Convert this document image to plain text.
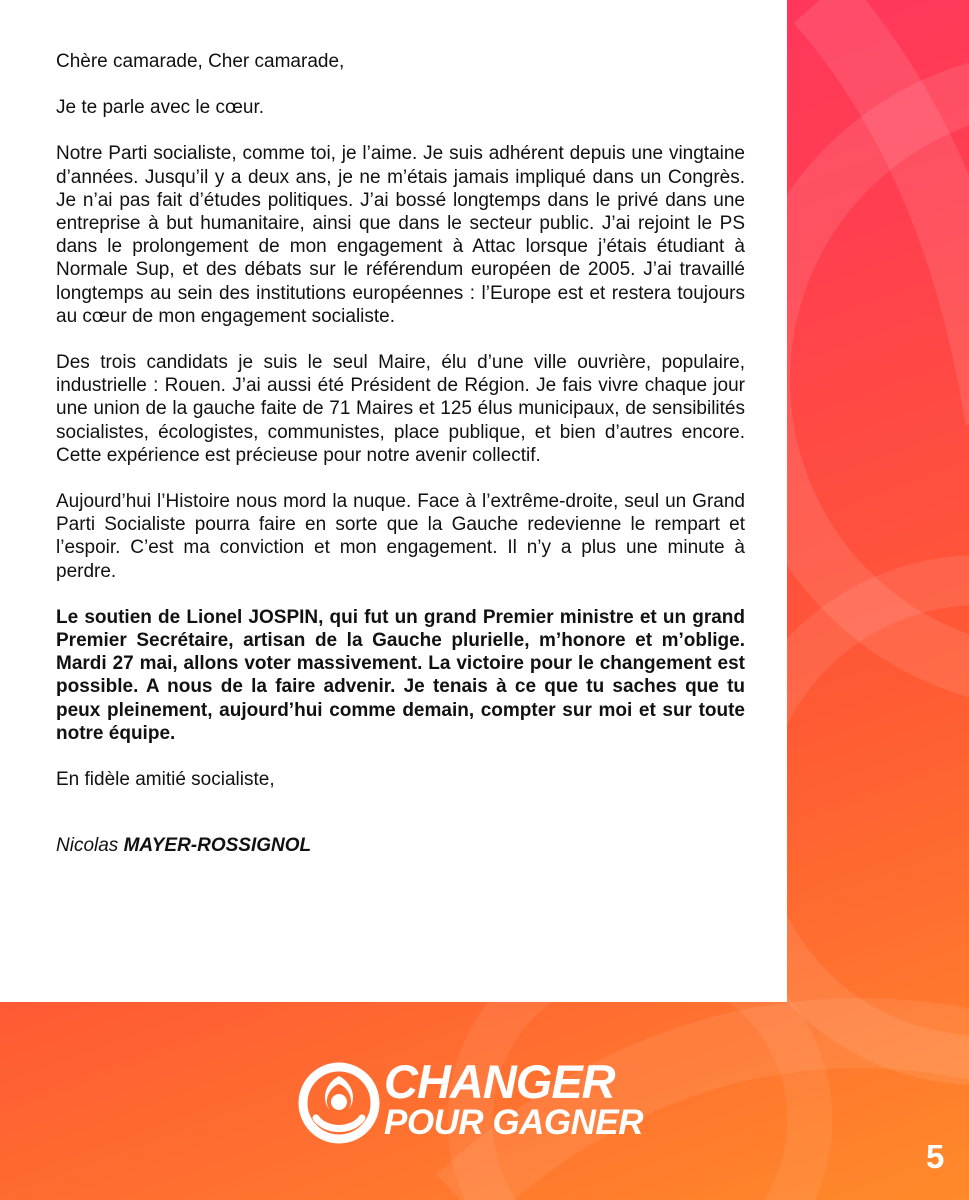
Chère camarade, Cher camarade,

Je te parle avec le cœur.

Notre Parti socialiste, comme toi, je l’aime. Je suis adhérent depuis une vingtaine d’années. Jusqu’il y a deux ans, je ne m’étais jamais impliqué dans un Congrès. Je n’ai pas fait d’études politiques. J’ai bossé longtemps dans le privé dans une entreprise à but humanitaire, ainsi que dans le secteur public. J’ai rejoint le PS dans le prolongement de mon engagement à Attac lorsque j’étais étudiant à Normale Sup, et des débats sur le référendum européen de 2005. J’ai travaillé longtemps au sein des institutions européennes : l’Europe est et restera toujours au cœur de mon engagement socialiste.

Des trois candidats je suis le seul Maire, élu d’une ville ouvrière, populaire, industrielle : Rouen. J’ai aussi été Président de Région. Je fais vivre chaque jour une union de la gauche faite de 71 Maires et 125 élus municipaux, de sensibilités socialistes, écologistes, communistes, place publique, et bien d’autres encore. Cette expérience est précieuse pour notre avenir collectif.

Aujourd’hui l’Histoire nous mord la nuque. Face à l’extrême-droite, seul un Grand Parti Socialiste pourra faire en sorte que la Gauche redevienne le rempart et l’espoir. C’est ma conviction et mon engagement. Il n’y a plus une minute à perdre.

Le soutien de Lionel JOSPIN, qui fut un grand Premier ministre et un grand Premier Secrétaire, artisan de la Gauche plurielle, m’honore et m’oblige. Mardi 27 mai, allons voter massivement. La victoire pour le changement est possible. A nous de la faire advenir. Je tenais à ce que tu saches que tu peux pleinement, aujourd’hui comme demain, compter sur moi et sur toute notre équipe.

En fidèle amitié socialiste,

Nicolas MAYER-ROSSIGNOL

CHANGER
POUR GAGNER
5
